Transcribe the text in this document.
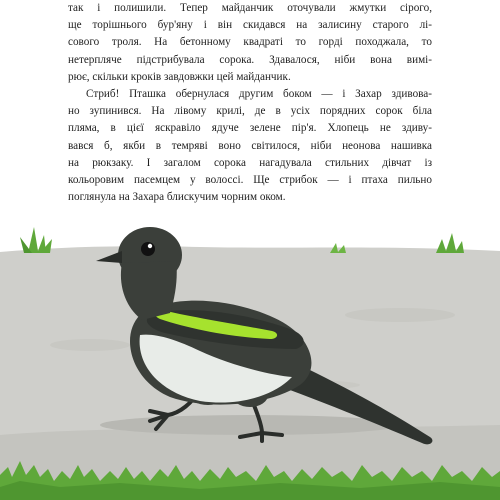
так і полишили. Тепер майданчик оточували жмутки сірого,
ще торішнього бур'яну і він скидався на залисину старого лі-
сового троля. На бетонному квадраті то горді походжала, то
нетерпляче підстрибувала сорока. Здавалося, ніби вона вимі-
рює, скільки кроків завдовжки цей майданчик.
Стриб! Пташка обернулася другим боком — і Захар здивова-
но зупинився. На лівому крилі, де в усіх порядних сорок біла
пляма, в цієї яскравіло ядуче зелене пір'я. Хлопець не здиву-
вався б, якби в темряві воно світилося, ніби неонова нашивка
на рюкзаку. І загалом сорока нагадувала стильних дівчат із
кольоровим пасемцем у волоссі. Ще стрибок — і птаха пильно
поглянула на Захара блискучим чорним оком.
